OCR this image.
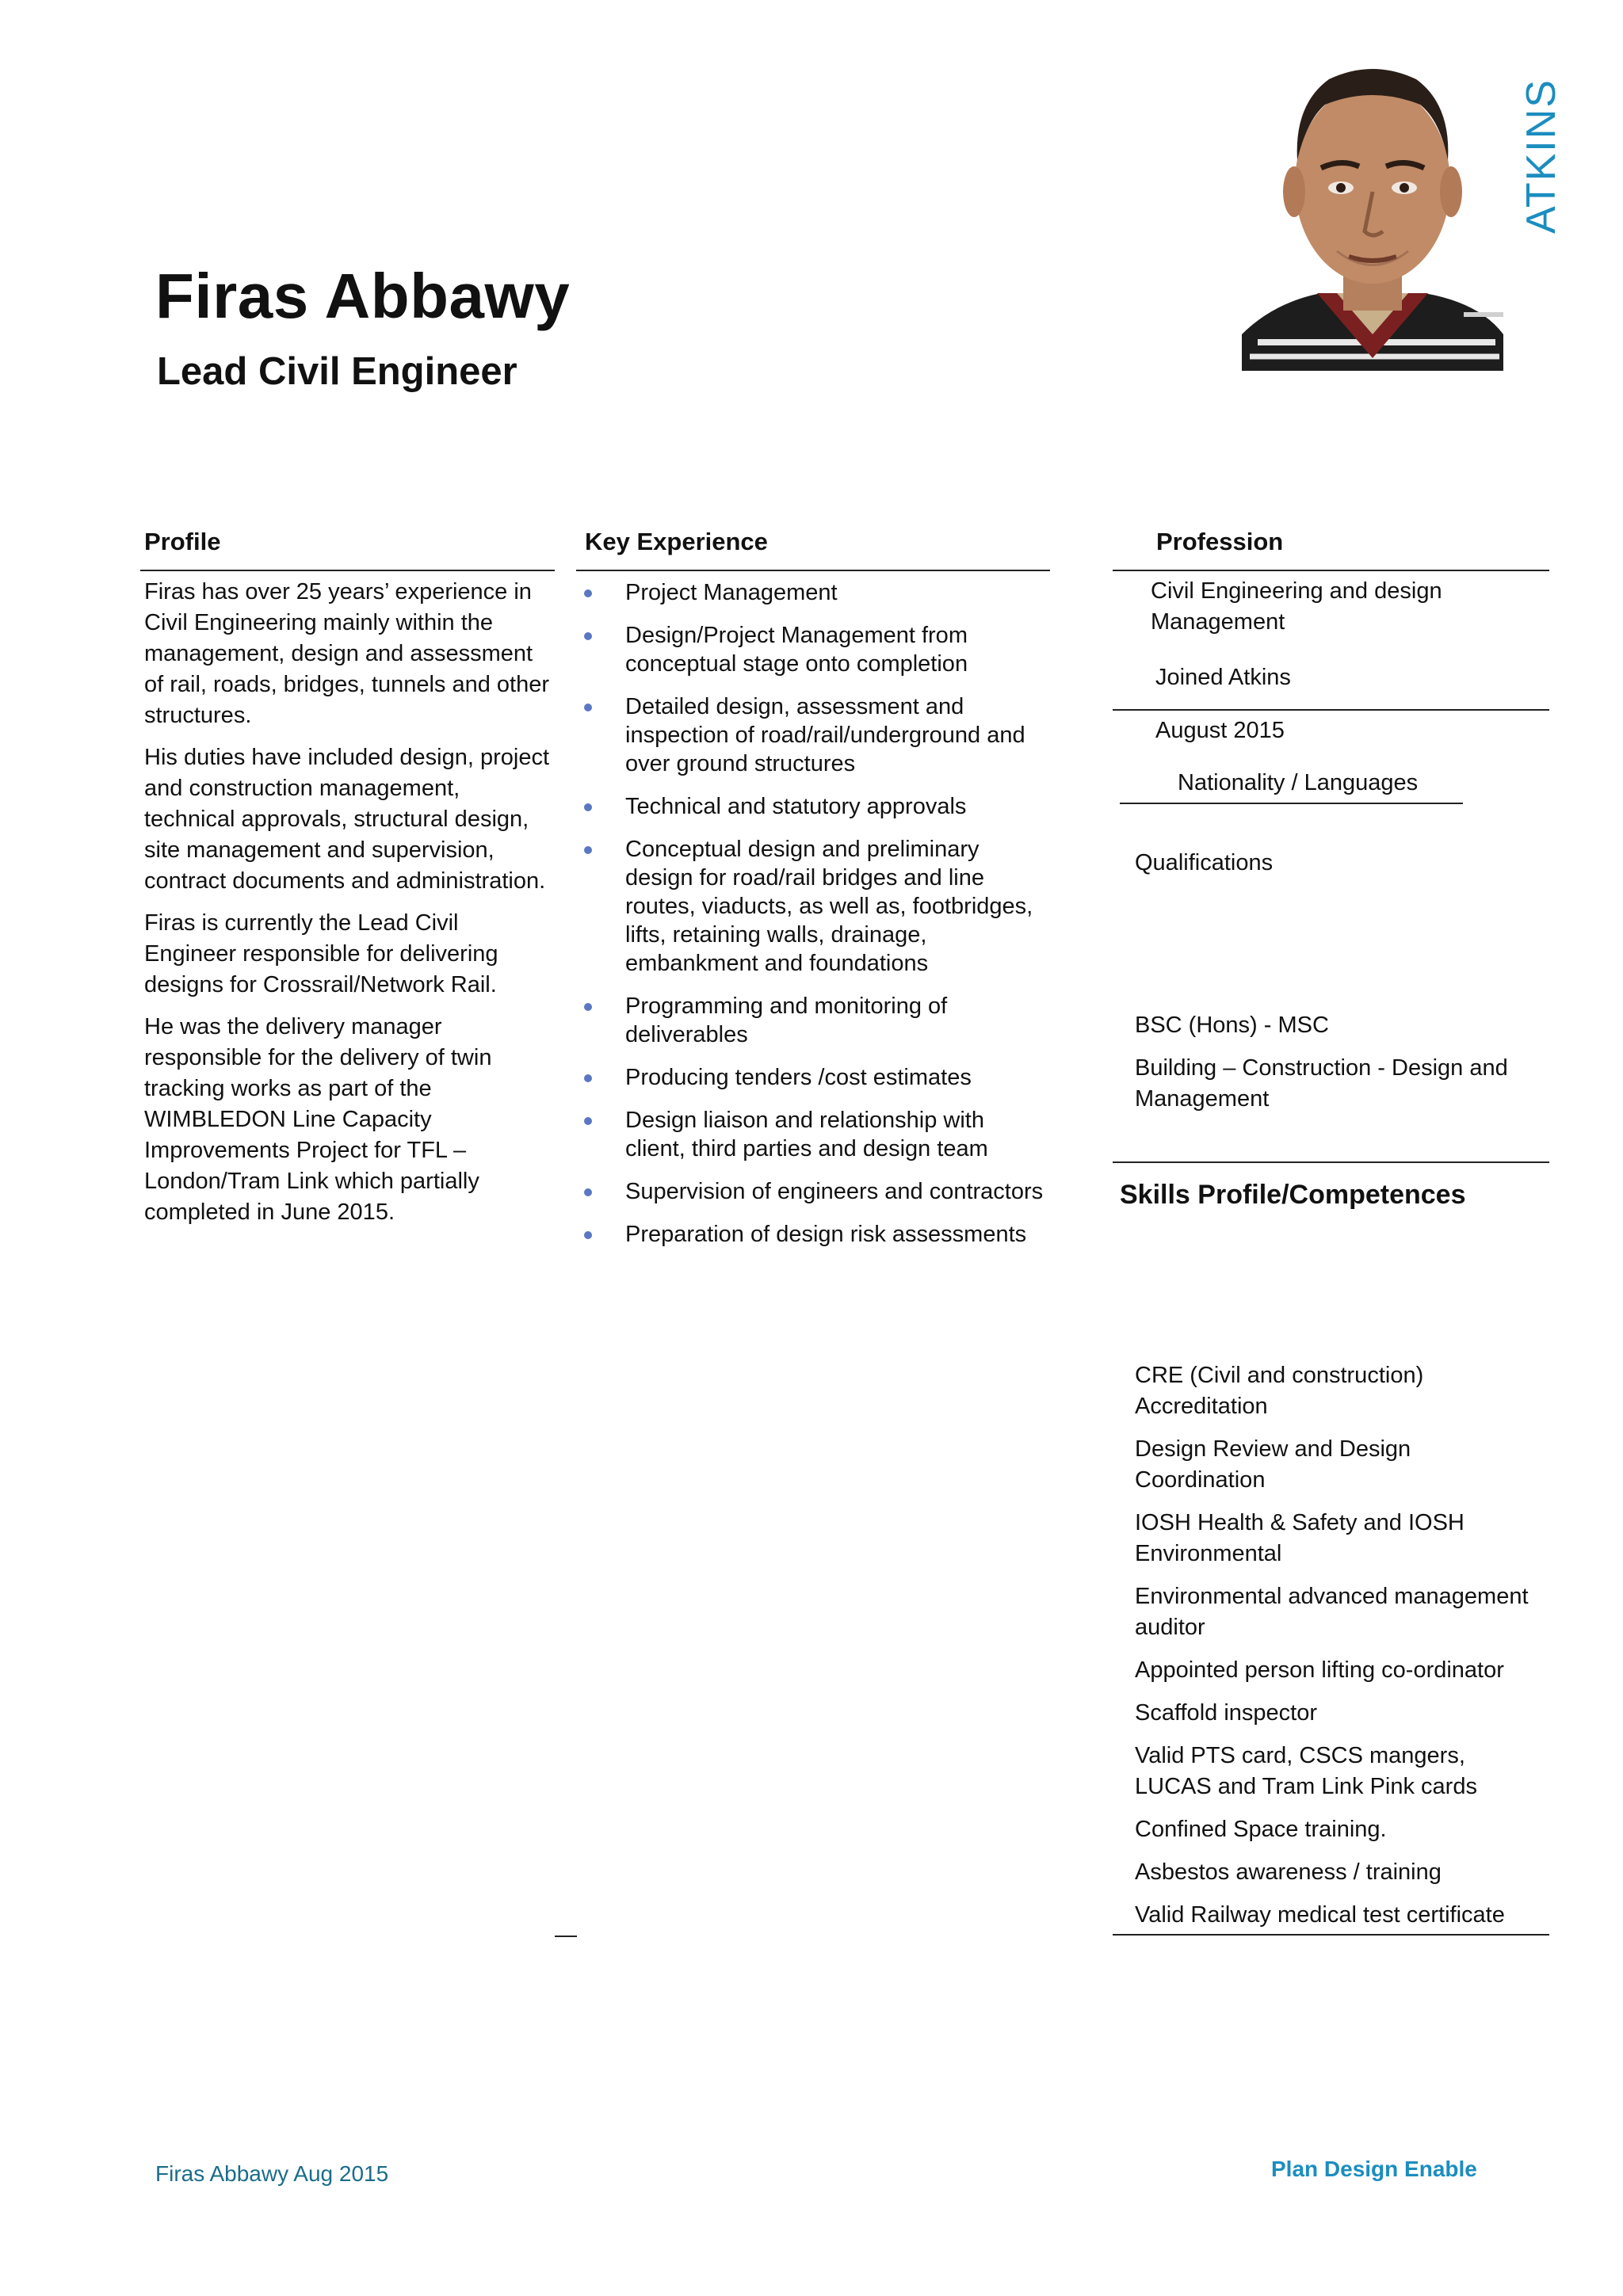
Firas Abbawy
Lead Civil Engineer
ATKINS
Profile	Key Experience	Profession

Firas has over 25 years’ experience in Civil Engineering mainly within the management, design and assessment of rail, roads, bridges, tunnels and other structures.

His duties have included design, project and construction management, technical approvals, structural design, site management and supervision, contract documents and administration.

Firas is currently the Lead Civil Engineer responsible for delivering designs for Crossrail/Network Rail.

He was the delivery manager responsible for the delivery of twin tracking works as part of the WIMBLEDON Line Capacity Improvements Project for TFL – London/Tram Link which partially completed in June 2015.

Project Management
Design/Project Management from conceptual stage onto completion
Detailed design, assessment and inspection of road/rail/underground and over ground structures
Technical and statutory approvals
Conceptual design and preliminary design for road/rail bridges and line routes, viaducts, as well as, footbridges, lifts, retaining walls, drainage, embankment and foundations
Programming and monitoring of deliverables
Producing tenders /cost estimates
Design liaison and relationship with client, third parties and design team
Supervision of engineers and contractors
Preparation of design risk assessments
Civil Engineering and design Management
Joined Atkins
August 2015
Nationality / Languages
Qualifications
BSC (Hons) - MSC
Building – Construction - Design and Management
Skills Profile/Competences
CRE (Civil and construction) Accreditation
Design Review and Design Coordination
IOSH Health & Safety and IOSH Environmental
Environmental advanced management auditor
Appointed person lifting co-ordinator
Scaffold inspector
Valid PTS card, CSCS mangers, LUCAS and Tram Link Pink cards
Confined Space training.
Asbestos awareness / training
Valid Railway medical test certificate
Firas Abbawy Aug 2015	Plan Design Enable
